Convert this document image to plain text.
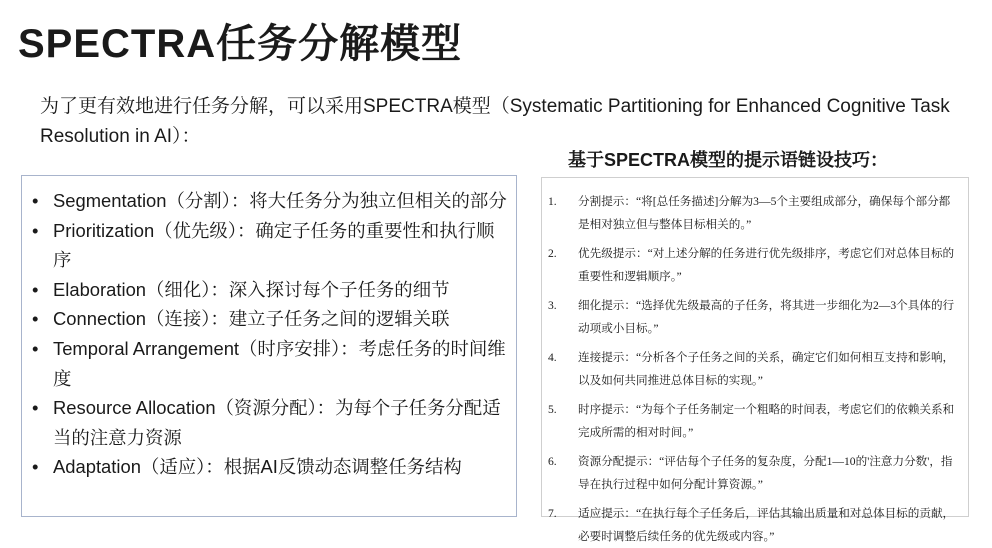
SPECTRA任务分解模型
为了更有效地进行任务分解，可以采用SPECTRA模型（Systematic Partitioning for Enhanced Cognitive Task Resolution in AI）：
基于SPECTRA模型的提示语链设技巧：
• Segmentation（分割）：将大任务分为独立但相关的部分
• Prioritization（优先级）：确定子任务的重要性和执行顺序
• Elaboration（细化）：深入探讨每个子任务的细节
• Connection（连接）：建立子任务之间的逻辑关联
• Temporal Arrangement（时序安排）：考虑任务的时间维度
• Resource Allocation（资源分配）：为每个子任务分配适当的注意力资源
• Adaptation（适应）：根据AI反馈动态调整任务结构
1. 分割提示：“将[总任务描述]分解为3—5个主要组成部分，确保每个部分都是相对独立但与整体目标相关的。”
2. 优先级提示：“对上述分解的任务进行优先级排序，考虑它们对总体目标的重要性和逻辑顺序。”
3. 细化提示：“选择优先级最高的子任务，将其进一步细化为2—3个具体的行动项或小目标。”
4. 连接提示：“分析各个子任务之间的关系，确定它们如何相互支持和影响，以及如何共同推进总体目标的实现。”
5. 时序提示：“为每个子任务制定一个粗略的时间表，考虑它们的依赖关系和完成所需的相对时间。”
6. 资源分配提示：“评估每个子任务的复杂度，分配1—10的'注意力分数'，指导在执行过程中如何分配计算资源。”
7. 适应提示：“在执行每个子任务后，评估其输出质量和对总体目标的贡献，必要时调整后续任务的优先级或内容。”
